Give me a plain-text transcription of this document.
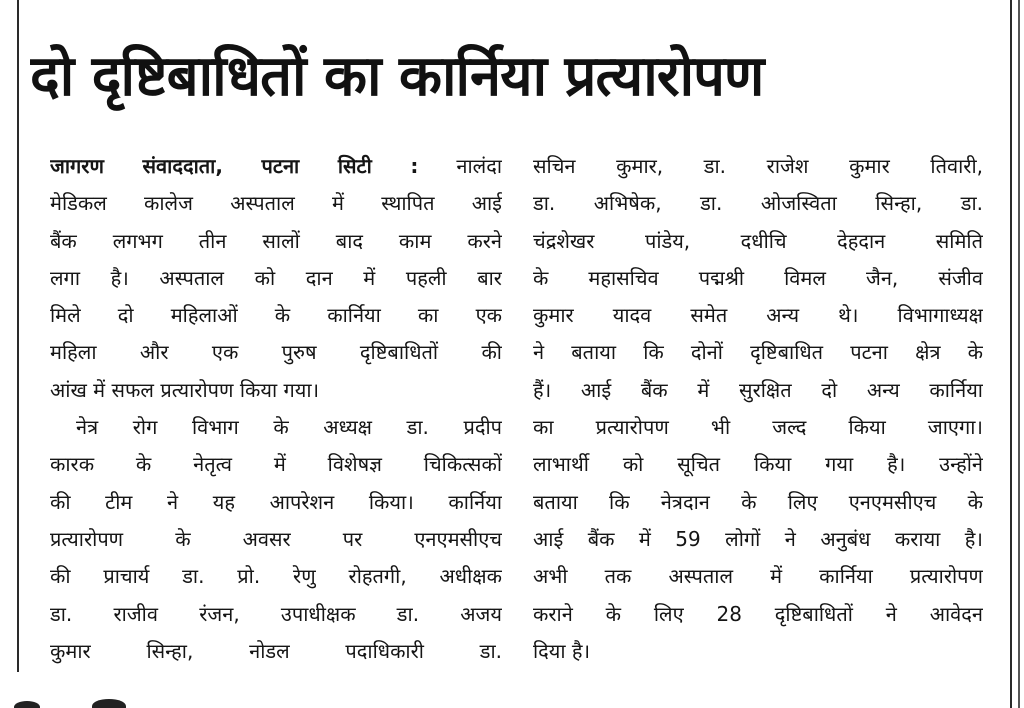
दो दृष्टिबाधितों का कार्निया प्रत्यारोपण
जागरण संवाददाता, पटना सिटी : नालंदा
मेडिकल कालेज अस्पताल में स्थापित आई
बैंक लगभग तीन सालों बाद काम करने
लगा है। अस्पताल को दान में पहली बार
मिले दो महिलाओं के कार्निया का एक
महिला और एक पुरुष दृष्टिबाधितों की
आंख में सफल प्रत्यारोपण किया गया।
नेत्र रोग विभाग के अध्यक्ष डा. प्रदीप
कारक के नेतृत्व में विशेषज्ञ चिकित्सकों
की टीम ने यह आपरेशन किया। कार्निया
प्रत्यारोपण के अवसर पर एनएमसीएच
की प्राचार्य डा. प्रो. रेणु रोहतगी, अधीक्षक
डा. राजीव रंजन, उपाधीक्षक डा. अजय
कुमार सिन्हा, नोडल पदाधिकारी डा.
सचिन कुमार, डा. राजेश कुमार तिवारी,
डा. अभिषेक, डा. ओजस्विता सिन्हा, डा.
चंद्रशेखर पांडेय, दधीचि देहदान समिति
के महासचिव पद्मश्री विमल जैन, संजीव
कुमार यादव समेत अन्य थे। विभागाध्यक्ष
ने बताया कि दोनों दृष्टिबाधित पटना क्षेत्र के
हैं। आई बैंक में सुरक्षित दो अन्य कार्निया
का प्रत्यारोपण भी जल्द किया जाएगा।
लाभार्थी को सूचित किया गया है। उन्होंने
बताया कि नेत्रदान के लिए एनएमसीएच के
आई बैंक में 59 लोगों ने अनुबंध कराया है।
अभी तक अस्पताल में कार्निया प्रत्यारोपण
कराने के लिए 28 दृष्टिबाधितों ने आवेदन
दिया है।
